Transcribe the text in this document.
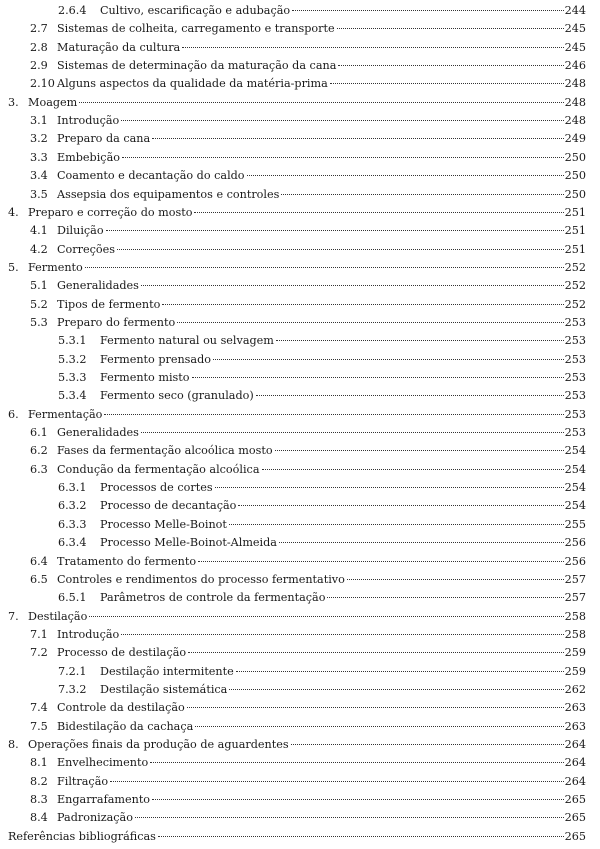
2.6.4 Cultivo, escarificação e adubação	244
2.7 Sistemas de colheita, carregamento e transporte	245
2.8 Maturação da cultura	245
2.9 Sistemas de determinação da maturação da cana	246
2.10 Alguns aspectos da qualidade da matéria-prima	248
3. Moagem	248
3.1 Introdução	248
3.2 Preparo da cana	249
3.3 Embebição	250
3.4 Coamento e decantação do caldo	250
3.5 Assepsia dos equipamentos e controles	250
4. Preparo e correção do mosto	251
4.1 Diluição	251
4.2 Correções	251
5. Fermento	252
5.1 Generalidades	252
5.2 Tipos de fermento	252
5.3 Preparo do fermento	253
5.3.1 Fermento natural ou selvagem	253
5.3.2 Fermento prensado	253
5.3.3 Fermento misto	253
5.3.4 Fermento seco (granulado)	253
6. Fermentação	253
6.1 Generalidades	253
6.2 Fases da fermentação alcoólica mosto	254
6.3 Condução da fermentação alcoólica	254
6.3.1 Processos de cortes	254
6.3.2 Processo de decantação	254
6.3.3 Processo Melle-Boinot	255
6.3.4 Processo Melle-Boinot-Almeida	256
6.4 Tratamento do fermento	256
6.5 Controles e rendimentos do processo fermentativo	257
6.5.1 Parâmetros de controle da fermentação	257
7. Destilação	258
7.1 Introdução	258
7.2 Processo de destilação	259
7.2.1 Destilação intermitente	259
7.3.2 Destilação sistemática	262
7.4 Controle da destilação	263
7.5 Bidestilação da cachaça	263
8. Operações finais da produção de aguardentes	264
8.1 Envelhecimento	264
8.2 Filtração	264
8.3 Engarrafamento	265
8.4 Padronização	265
Referências bibliográficas	265
